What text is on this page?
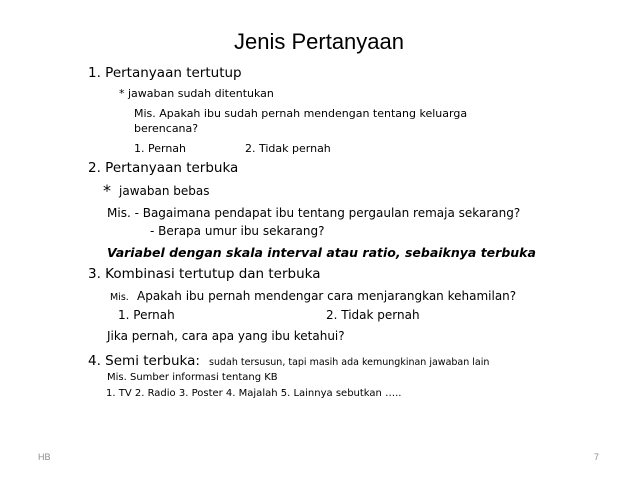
Jenis Pertanyaan
1. Pertanyaan tertutup
* jawaban sudah ditentukan
Mis. Apakah ibu sudah pernah mendengan tentang keluarga
berencana?
1. Pernah	2. Tidak pernah
2. Pertanyaan terbuka
* jawaban bebas
Mis. - Bagaimana pendapat ibu tentang pergaulan remaja sekarang?
- Berapa umur ibu sekarang?
Variabel dengan skala interval atau ratio, sebaiknya terbuka
3. Kombinasi tertutup dan terbuka
Mis. Apakah ibu pernah mendengar cara menjarangkan kehamilan?
1. Pernah	2. Tidak pernah
Jika pernah, cara apa yang ibu ketahui?
4. Semi terbuka: sudah tersusun, tapi masih ada kemungkinan jawaban lain
Mis. Sumber informasi tentang KB
1. TV 2. Radio 3. Poster 4. Majalah 5. Lainnya sebutkan …..
HB	7
